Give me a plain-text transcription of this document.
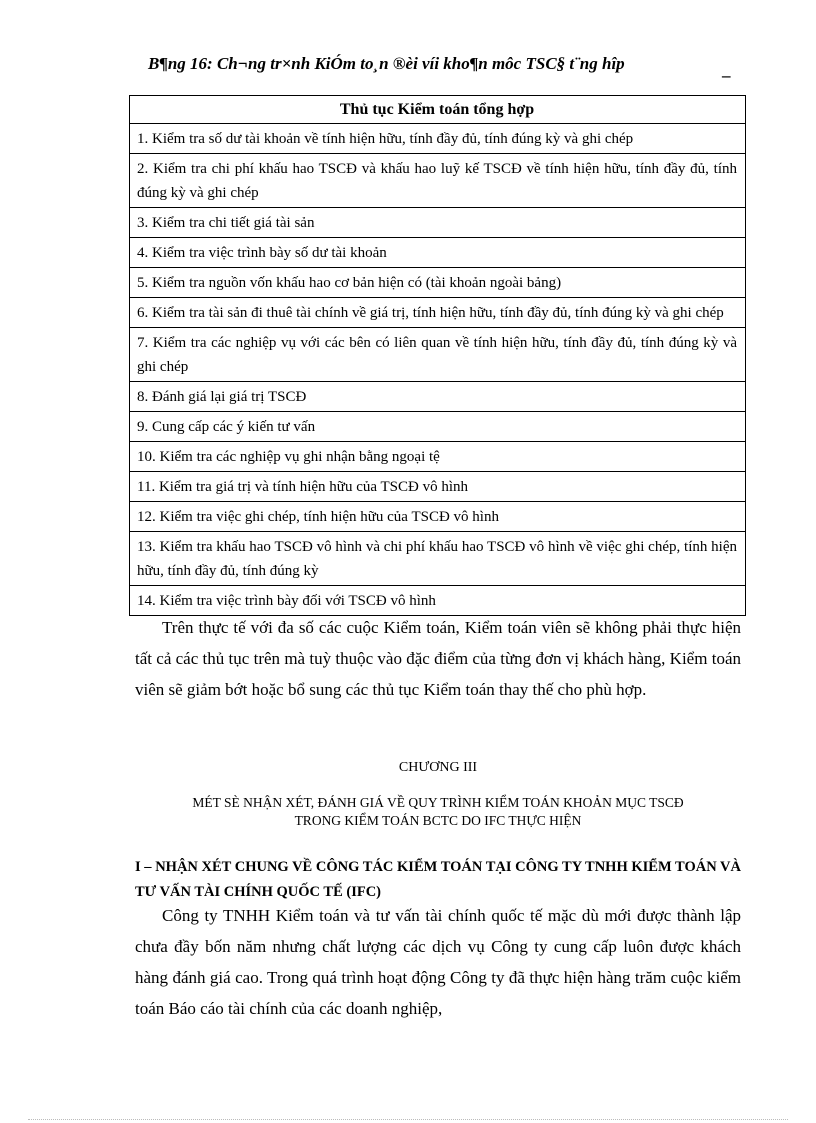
B¶ng 16: Ch¬ng tr×nh KiÓm to¸n ®èi víi kho¶n môc TSC§ t¨ng hîp	_
Thủ tục Kiểm toán tổng hợp
1. Kiểm tra số dư tài khoản về tính hiện hữu, tính đầy đủ, tính đúng kỳ và ghi chép
2. Kiểm tra chi phí khấu hao TSCĐ và khấu hao luỹ kế TSCĐ về tính hiện hữu, tính đầy đủ, tính đúng kỳ và ghi chép
3. Kiểm tra chi tiết giá tài sản
4. Kiểm tra việc trình bày số dư tài khoản
5. Kiểm tra nguồn vốn khấu hao cơ bản hiện có (tài khoản ngoài bảng)
6. Kiểm tra tài sản đi thuê tài chính về giá trị, tính hiện hữu, tính đầy đủ, tính đúng kỳ và ghi chép
7. Kiểm tra các nghiệp vụ với các bên có liên quan về tính hiện hữu, tính đầy đủ, tính đúng kỳ và ghi chép
8. Đánh giá lại giá trị TSCĐ
9. Cung cấp các ý kiến tư vấn
10. Kiểm tra các nghiệp vụ ghi nhận bằng ngoại tệ
11. Kiểm tra giá trị và tính hiện hữu của TSCĐ vô hình
12. Kiểm tra việc ghi chép, tính hiện hữu của TSCĐ vô hình
13. Kiểm tra khấu hao TSCĐ vô hình và chi phí khấu hao TSCĐ vô hình về việc ghi chép, tính hiện hữu, tính đầy đủ, tính đúng kỳ
14. Kiểm tra việc trình bày đối với TSCĐ vô hình

Trên thực tế với đa số các cuộc Kiểm toán, Kiểm toán viên sẽ không phải thực hiện tất cả các thủ tục trên mà tuỳ thuộc vào đặc điểm của từng đơn vị khách hàng, Kiểm toán viên sẽ giảm bớt hoặc bổ sung các thủ tục Kiểm toán thay thế cho phù hợp.

CHƯƠNG III
MÉT SÈ NHẬN XÉT, ĐÁNH GIÁ VỀ QUY TRÌNH KIỂM TOÁN KHOẢN MỤC TSCĐ
TRONG KIỂM TOÁN BCTC DO IFC THỰC HIỆN
I – NHẬN XÉT CHUNG VỀ CÔNG TÁC KIỂM TOÁN TẠI CÔNG TY TNHH KIỂM TOÁN VÀ TƯ VẤN TÀI CHÍNH QUỐC TẾ (IFC)

Công ty TNHH Kiểm toán và tư vấn tài chính quốc tế mặc dù mới được thành lập chưa đầy bốn năm nhưng chất lượng các dịch vụ Công ty cung cấp luôn được khách hàng đánh giá cao. Trong quá trình hoạt động Công ty đã thực hiện hàng trăm cuộc kiểm toán Báo cáo tài chính của các doanh nghiệp,
